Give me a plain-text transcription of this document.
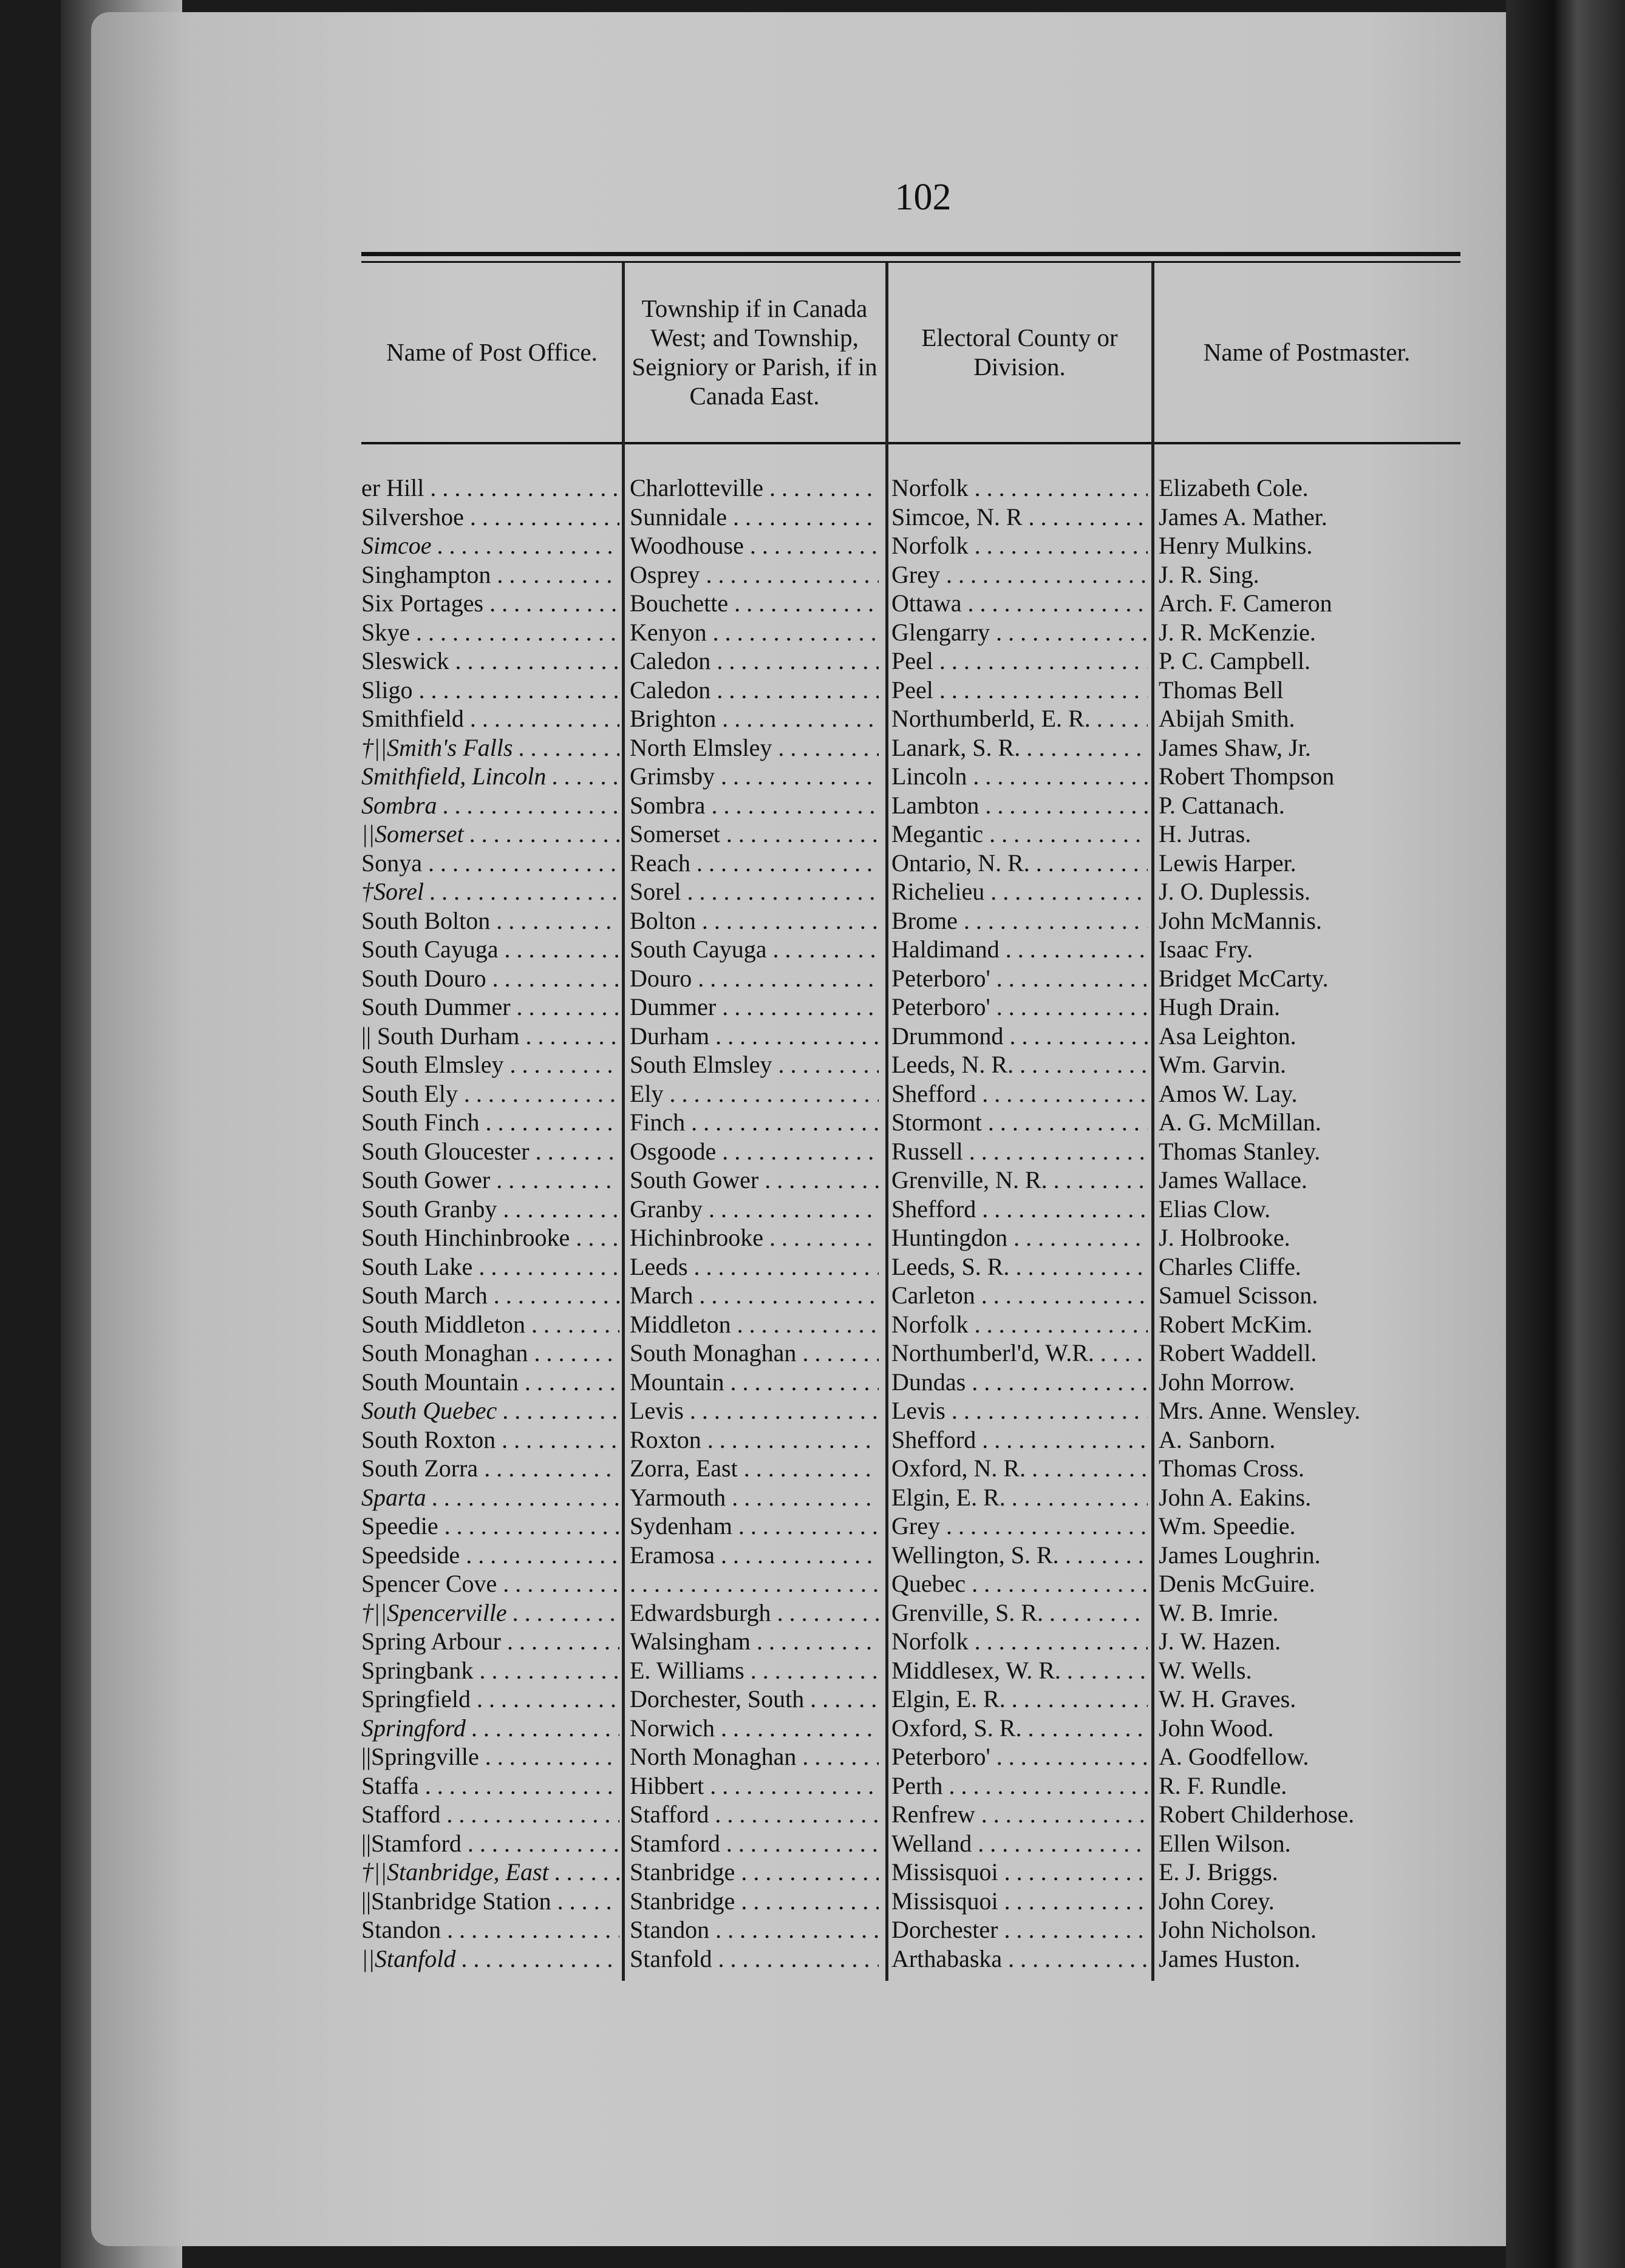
102
Name of Post Office.
Township if in Canada West; and Township, Seigniory or Parish, if in Canada East.
Electoral County or Division.
Name of Postmaster.
er Hill . . .	Charlotteville . . .	Norfolk . . .	Elizabeth Cole.
Silvershoe . . .	Sunnidale . . .	Simcoe, N. R . . .	James A. Mather.
Simcoe . . .	Woodhouse . . .	Norfolk . . .	Henry Mulkins.
Singhampton . . .	Osprey . . .	Grey . . .	J. R. Sing.
Six Portages . . .	Bouchette . . .	Ottawa . . .	Arch. F. Cameron
Skye . . .	Kenyon . . .	Glengarry . . .	J. R. McKenzie.
Sleswick . . .	Caledon . . .	Peel . . .	P. C. Campbell.
Sligo . . .	Caledon . . .	Peel . . .	Thomas Bell
Smithfield . . .	Brighton . . .	Northumberld, E. R. . . .	Abijah Smith.
†||Smith's Falls . . .	North Elmsley . . .	Lanark, S. R. . . .	James Shaw, Jr.
Smithfield, Lincoln . . .	Grimsby . . .	Lincoln . . .	Robert Thompson
Sombra . . .	Sombra . . .	Lambton . . .	P. Cattanach.
||Somerset . . .	Somerset . . .	Megantic . . .	H. Jutras.
Sonya . . .	Reach . . .	Ontario, N. R. . . .	Lewis Harper.
†Sorel . . .	Sorel . . .	Richelieu . . .	J. O. Duplessis.
South Bolton . . .	Bolton . . .	Brome . . .	John McMannis.
South Cayuga . . .	South Cayuga . . .	Haldimand . . .	Isaac Fry.
South Douro . . .	Douro . . .	Peterboro' . . .	Bridget McCarty.
South Dummer . . .	Dummer . . .	Peterboro' . . .	Hugh Drain.
|| South Durham . . .	Durham . . .	Drummond . . .	Asa Leighton.
South Elmsley . . .	South Elmsley . . .	Leeds, N. R. . . .	Wm. Garvin.
South Ely . . .	Ely . . .	Shefford . . .	Amos W. Lay.
South Finch . . .	Finch . . .	Stormont . . .	A. G. McMillan.
South Gloucester . . .	Osgoode . . .	Russell . . .	Thomas Stanley.
South Gower . . .	South Gower . . .	Grenville, N. R. . . .	James Wallace.
South Granby . . .	Granby . . .	Shefford . . .	Elias Clow.
South Hinchinbrooke . . .	Hichinbrooke . . .	Huntingdon . . .	J. Holbrooke.
South Lake . . .	Leeds . . .	Leeds, S. R. . . .	Charles Cliffe.
South March . . .	March . . .	Carleton . . .	Samuel Scisson.
South Middleton . . .	Middleton . . .	Norfolk . . .	Robert McKim.
South Monaghan . . .	South Monaghan . . .	Northumberl'd, W.R. . . .	Robert Waddell.
South Mountain . . .	Mountain . . .	Dundas . . .	John Morrow.
South Quebec . . .	Levis . . .	Levis . . .	Mrs. Anne. Wensley.
South Roxton . . .	Roxton . . .	Shefford . . .	A. Sanborn.
South Zorra . . .	Zorra, East . . .	Oxford, N. R. . . .	Thomas Cross.
Sparta . . .	Yarmouth . . .	Elgin, E. R. . . .	John A. Eakins.
Speedie . . .	Sydenham . . .	Grey . . .	Wm. Speedie.
Speedside . . .	Eramosa . . .	Wellington, S. R. . . .	James Loughrin.
Spencer Cove . . .
. . .	Quebec . . .	Denis McGuire.
†||Spencerville . . .	Edwardsburgh . . .	Grenville, S. R. . . .	W. B. Imrie.
Spring Arbour . . .	Walsingham . . .	Norfolk . . .	J. W. Hazen.
Springbank . . .	E. Williams . . .	Middlesex, W. R. . . .	W. Wells.
Springfield . . .	Dorchester, South . . .	Elgin, E. R. . . .	W. H. Graves.
Springford . . .	Norwich . . .	Oxford, S. R. . . .	John Wood.
||Springville . . .	North Monaghan . . .	Peterboro' . . .	A. Goodfellow.
Staffa . . .	Hibbert . . .	Perth . . .	R. F. Rundle.
Stafford . . .	Stafford . . .	Renfrew . . .	Robert Childerhose.
||Stamford . . .	Stamford . . .	Welland . . .	Ellen Wilson.
†||Stanbridge, East . . .	Stanbridge . . .	Missisquoi . . .	E. J. Briggs.
||Stanbridge Station . . .	Stanbridge . . .	Missisquoi . . .	John Corey.
Standon . . .	Standon . . .	Dorchester . . .	John Nicholson.
||Stanfold . . .	Stanfold . . .	Arthabaska . . .	James Huston.
